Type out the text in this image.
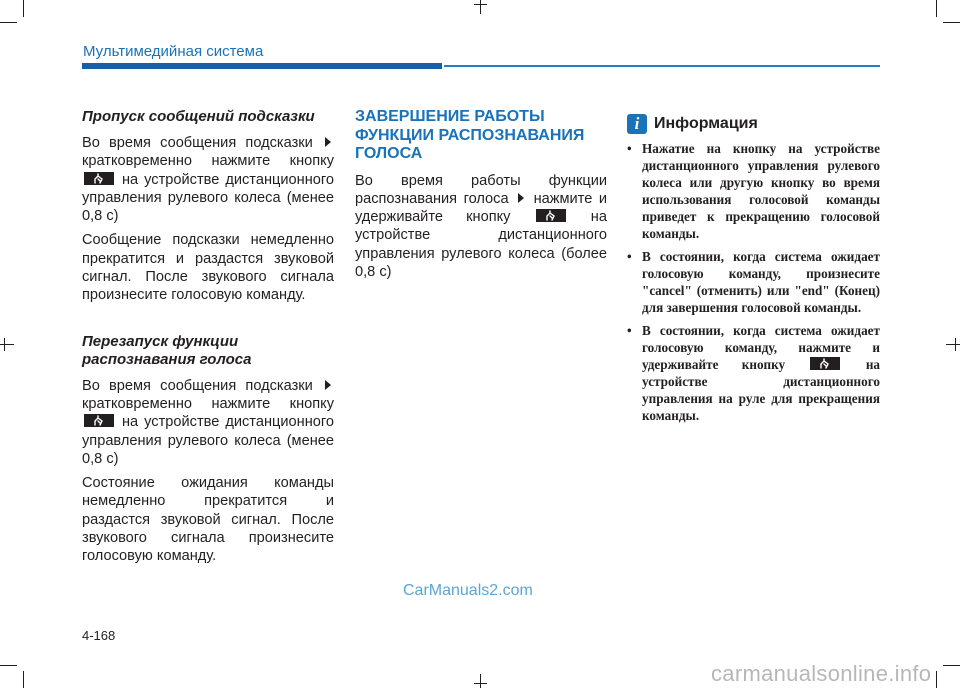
Мультимедийная система
Пропуск сообщений подсказки

Во время сообщения подсказки  кратковременно нажмите кнопку
на устройстве дистанционного управления рулевого колеса (менее 0,8 с)

Сообщение подсказки немедленно прекратится и раздастся звуковой сигнал. После звукового сигнала произнесите голосовую команду.

Перезапуск функции распознавания голоса

Во время сообщения подсказки  кратковременно нажмите кнопку
на устройстве дистанционного управления рулевого колеса (менее 0,8 с)

Состояние ожидания команды немедленно прекратится и раздастся звуковой сигнал. После звукового сигнала произнесите голосовую команду.

ЗАВЕРШЕНИЕ РАБОТЫ ФУНКЦИИ РАСПОЗНАВАНИЯ ГОЛОСА

Во время работы функции распознавания голоса нажмите и удерживайте кнопку	на устройстве дистанционного управления рулевого колеса (более 0,8 с)

i Информация
• Нажатие на кнопку на устройстве дистанционного управления рулевого колеса или другую кнопку во время использования голосовой команды приведет к прекращению голосовой команды.
• В состоянии, когда система ожидает голосовую команду, произнесите "cancel" (отменить) или "end" (Конец) для завершения голосовой команды.
• В состоянии, когда система ожидает голосовую команду, нажмите и удерживайте кнопку	на устройстве дистанционного управления на руле для прекращения команды.
CarManuals2.com
4-168
carmanualsonline.info
